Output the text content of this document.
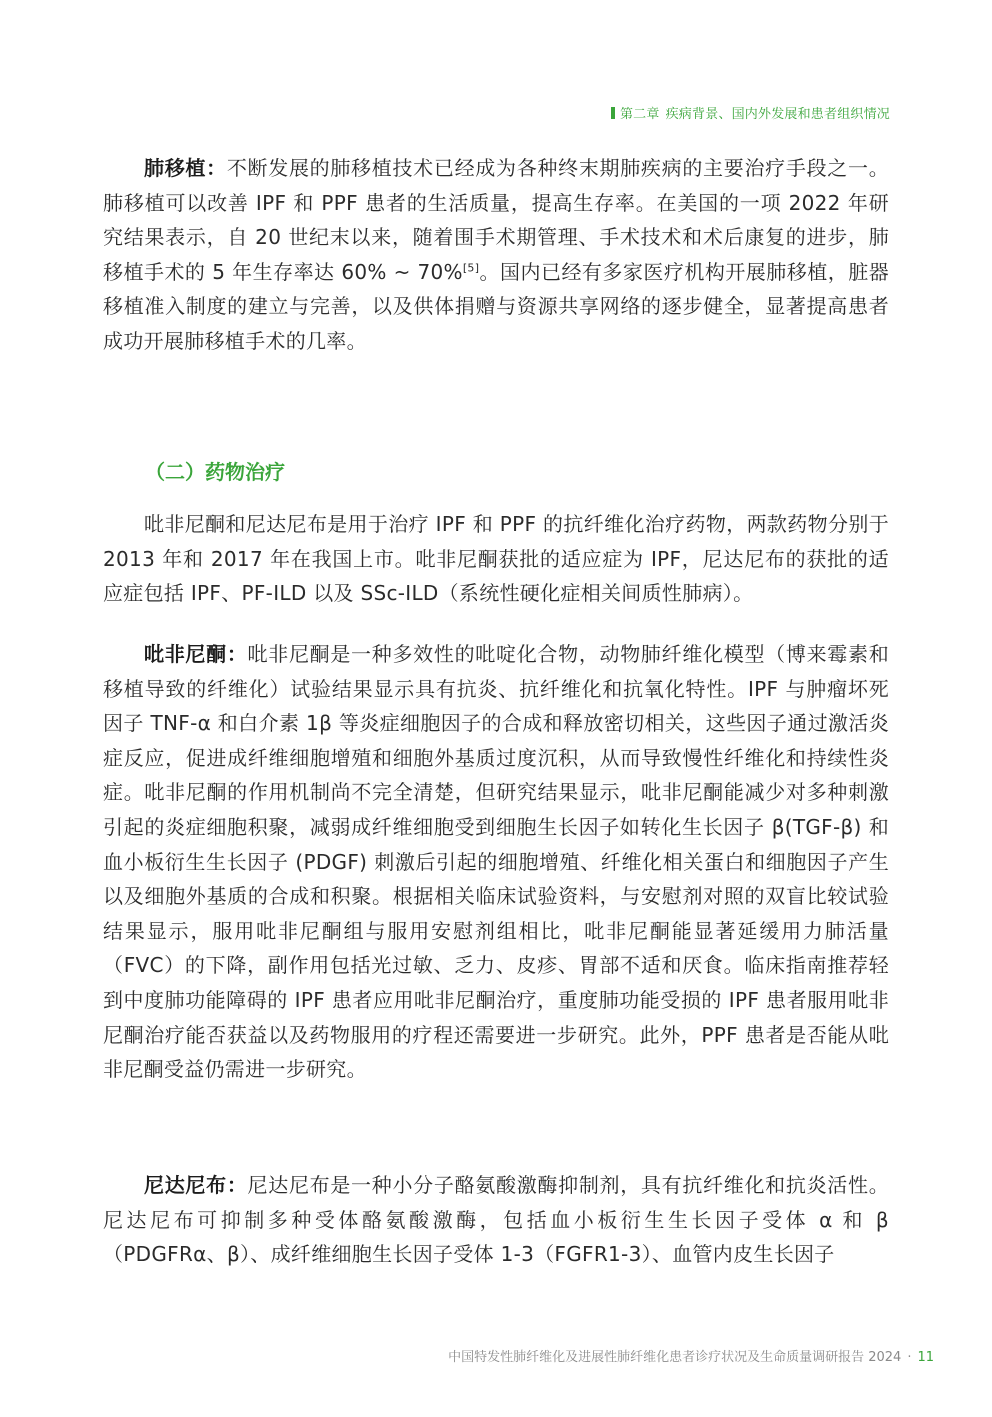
第二章 疾病背景、国内外发展和患者组织情况

肺移植：不断发展的肺移植技术已经成为各种终末期肺疾病的主要治疗手段之一。肺移植可以改善 IPF 和 PPF 患者的生活质量，提高生存率。在美国的一项 2022 年研究结果表示，自 20 世纪末以来，随着围手术期管理、手术技术和术后康复的进步，肺移植手术的 5 年生存率达 60% ~ 70%[5]。国内已经有多家医疗机构开展肺移植，脏器移植准入制度的建立与完善，以及供体捐赠与资源共享网络的逐步健全，显著提高患者成功开展肺移植手术的几率。

（二）药物治疗

吡非尼酮和尼达尼布是用于治疗 IPF 和 PPF 的抗纤维化治疗药物，两款药物分别于 2013 年和 2017 年在我国上市。吡非尼酮获批的适应症为 IPF，尼达尼布的获批的适应症包括 IPF、PF-ILD 以及 SSc-ILD（系统性硬化症相关间质性肺病）。

吡非尼酮：吡非尼酮是一种多效性的吡啶化合物，动物肺纤维化模型（博来霉素和移植导致的纤维化）试验结果显示具有抗炎、抗纤维化和抗氧化特性。IPF 与肿瘤坏死因子 TNF-α 和白介素 1β 等炎症细胞因子的合成和释放密切相关，这些因子通过激活炎症反应，促进成纤维细胞增殖和细胞外基质过度沉积，从而导致慢性纤维化和持续性炎症。吡非尼酮的作用机制尚不完全清楚，但研究结果显示，吡非尼酮能减少对多种刺激引起的炎症细胞积聚，减弱成纤维细胞受到细胞生长因子如转化生长因子 β(TGF-β) 和血小板衍生生长因子 (PDGF) 刺激后引起的细胞增殖、纤维化相关蛋白和细胞因子产生以及细胞外基质的合成和积聚。根据相关临床试验资料，与安慰剂对照的双盲比较试验结果显示，服用吡非尼酮组与服用安慰剂组相比，吡非尼酮能显著延缓用力肺活量（FVC）的下降，副作用包括光过敏、乏力、皮疹、胃部不适和厌食。临床指南推荐轻到中度肺功能障碍的 IPF 患者应用吡非尼酮治疗，重度肺功能受损的 IPF 患者服用吡非尼酮治疗能否获益以及药物服用的疗程还需要进一步研究。此外，PPF 患者是否能从吡非尼酮受益仍需进一步研究。

尼达尼布：尼达尼布是一种小分子酪氨酸激酶抑制剂，具有抗纤维化和抗炎活性。尼达尼布可抑制多种受体酪氨酸激酶，包括血小板衍生生长因子受体 α 和 β（PDGFRα、β）、成纤维细胞生长因子受体 1-3（FGFR1-3）、血管内皮生长因子

中国特发性肺纤维化及进展性肺纤维化患者诊疗状况及生命质量调研报告 2024 · 11
